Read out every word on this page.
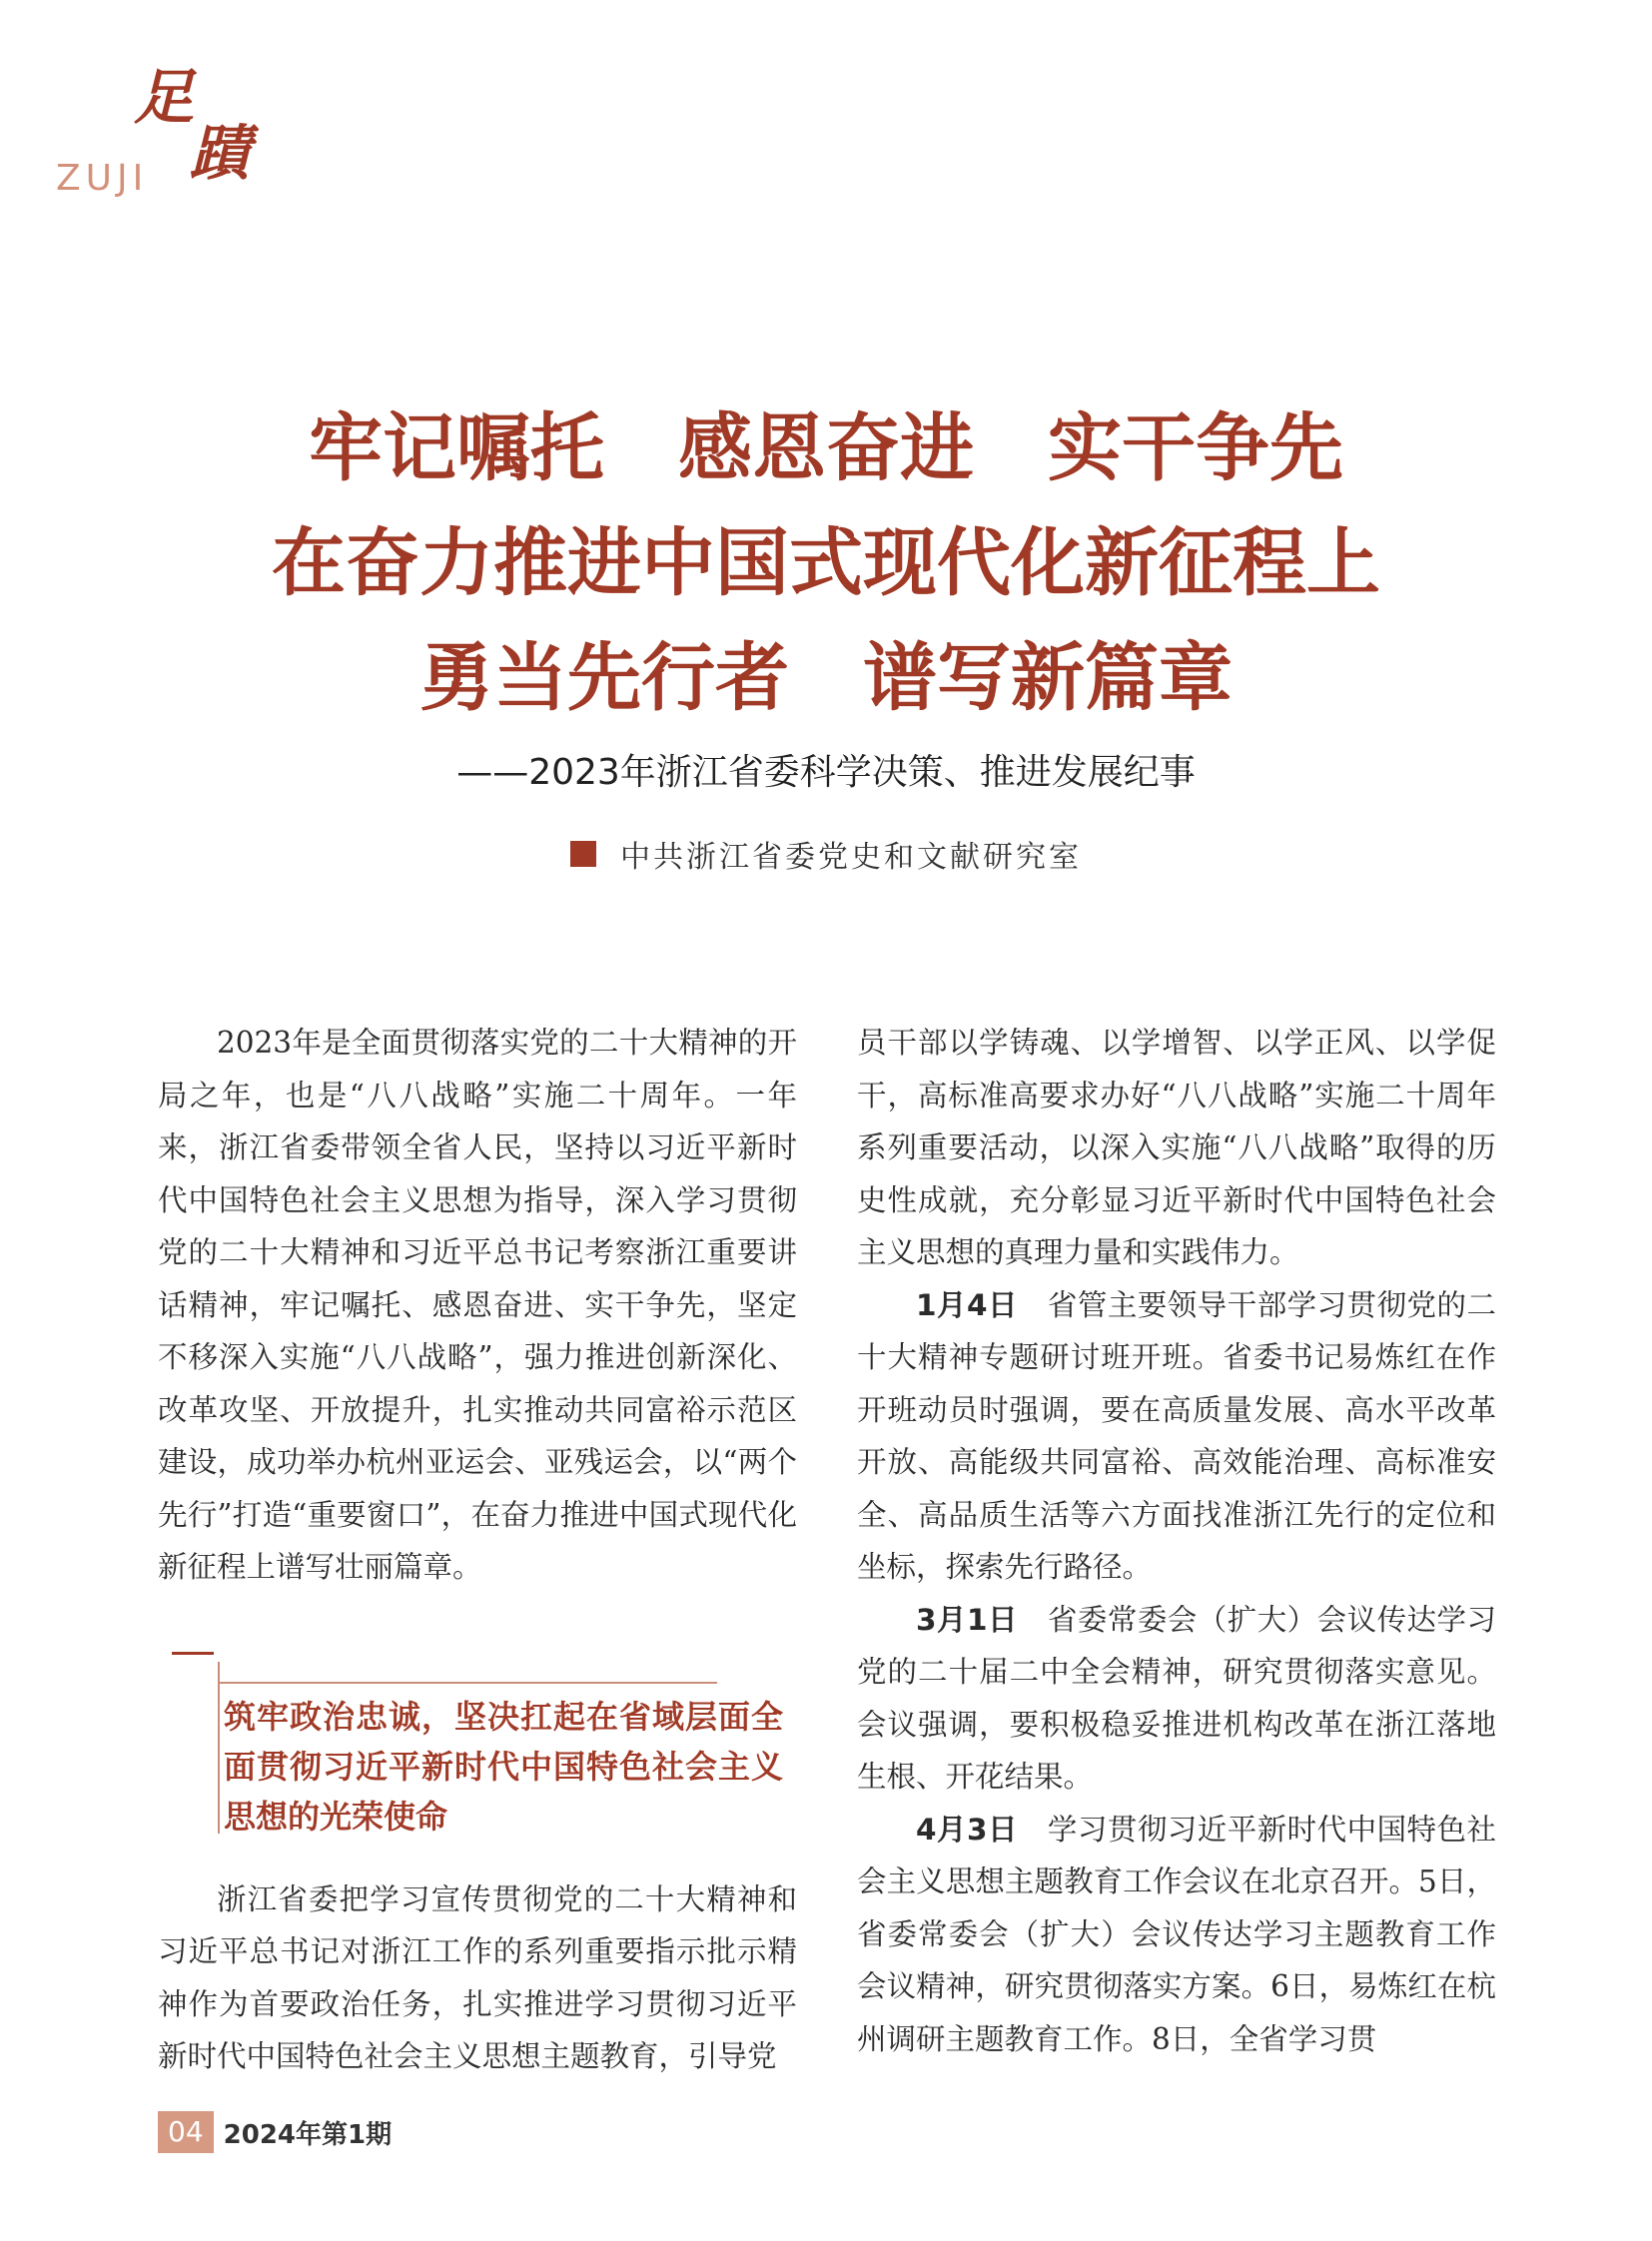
足
蹟
ZUJI
牢记嘱托　感恩奋进　实干争先
在奋力推进中国式现代化新征程上
勇当先行者　谱写新篇章
——2023年浙江省委科学决策、推进发展纪事
中共浙江省委党史和文献研究室

2023年是全面贯彻落实党的二十大精神的开局之年，也是“八八战略”实施二十周年。一年来，浙江省委带领全省人民，坚持以习近平新时代中国特色社会主义思想为指导，深入学习贯彻党的二十大精神和习近平总书记考察浙江重要讲话精神，牢记嘱托、感恩奋进、实干争先，坚定不移深入实施“八八战略”，强力推进创新深化、改革攻坚、开放提升，扎实推动共同富裕示范区建设，成功举办杭州亚运会、亚残运会，以“两个先行”打造“重要窗口”，在奋力推进中国式现代化新征程上谱写壮丽篇章。

筑牢政治忠诚，坚决扛起在省域层面全面贯彻习近平新时代中国特色社会主义思想的光荣使命

浙江省委把学习宣传贯彻党的二十大精神和习近平总书记对浙江工作的系列重要指示批示精神作为首要政治任务，扎实推进学习贯彻习近平新时代中国特色社会主义思想主题教育，引导党

员干部以学铸魂、以学增智、以学正风、以学促干，高标准高要求办好“八八战略”实施二十周年系列重要活动，以深入实施“八八战略”取得的历史性成就，充分彰显习近平新时代中国特色社会主义思想的真理力量和实践伟力。

1月4日　 省管主要领导干部学习贯彻党的二十大精神专题研讨班开班。省委书记易炼红在作开班动员时强调，要在高质量发展、高水平改革开放、高能级共同富裕、高效能治理、高标准安全、高品质生活等六方面找准浙江先行的定位和坐标，探索先行路径。

3月1日　 省委常委会（扩大）会议传达学习党的二十届二中全会精神，研究贯彻落实意见。会议强调，要积极稳妥推进机构改革在浙江落地生根、开花结果。

4月3日　 学习贯彻习近平新时代中国特色社会主义思想主题教育工作会议在北京召开。5日，省委常委会（扩大）会议传达学习主题教育工作会议精神，研究贯彻落实方案。6日，易炼红在杭州调研主题教育工作。8日，全省学习贯

04 2024年第1期
